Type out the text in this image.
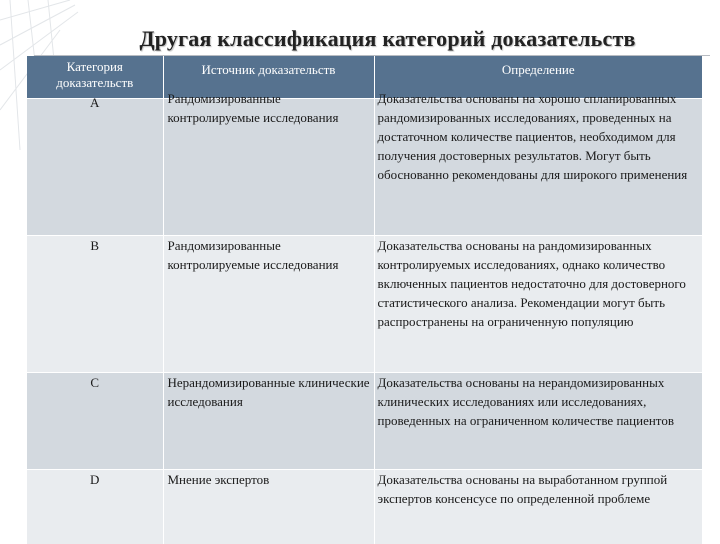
Другая классификация категорий доказательств
Категория доказательств	Источник доказательств	Определение

A	Рандомизированные контролируемые исследования	Доказательства основаны на хорошо спланированных рандомизированных исследованиях, проведенных на достаточном количестве пациентов, необходимом для получения достоверных результатов. Могут быть обоснованно рекомендованы для широкого применения

B	Рандомизированные контролируемые исследования	Доказательства основаны на рандомизированных контролируемых исследованиях, однако количество включенных пациентов недостаточно для достоверного статистического анализа. Рекомендации могут быть распространены на ограниченную популяцию

C	Нерандомизированные клинические исследования	Доказательства основаны на нерандомизированных клинических исследованиях или исследованиях, проведенных на ограниченном количестве пациентов

D	Мнение экспертов	Доказательства основаны на выработанном группой экспертов консенсусе по определенной проблеме
